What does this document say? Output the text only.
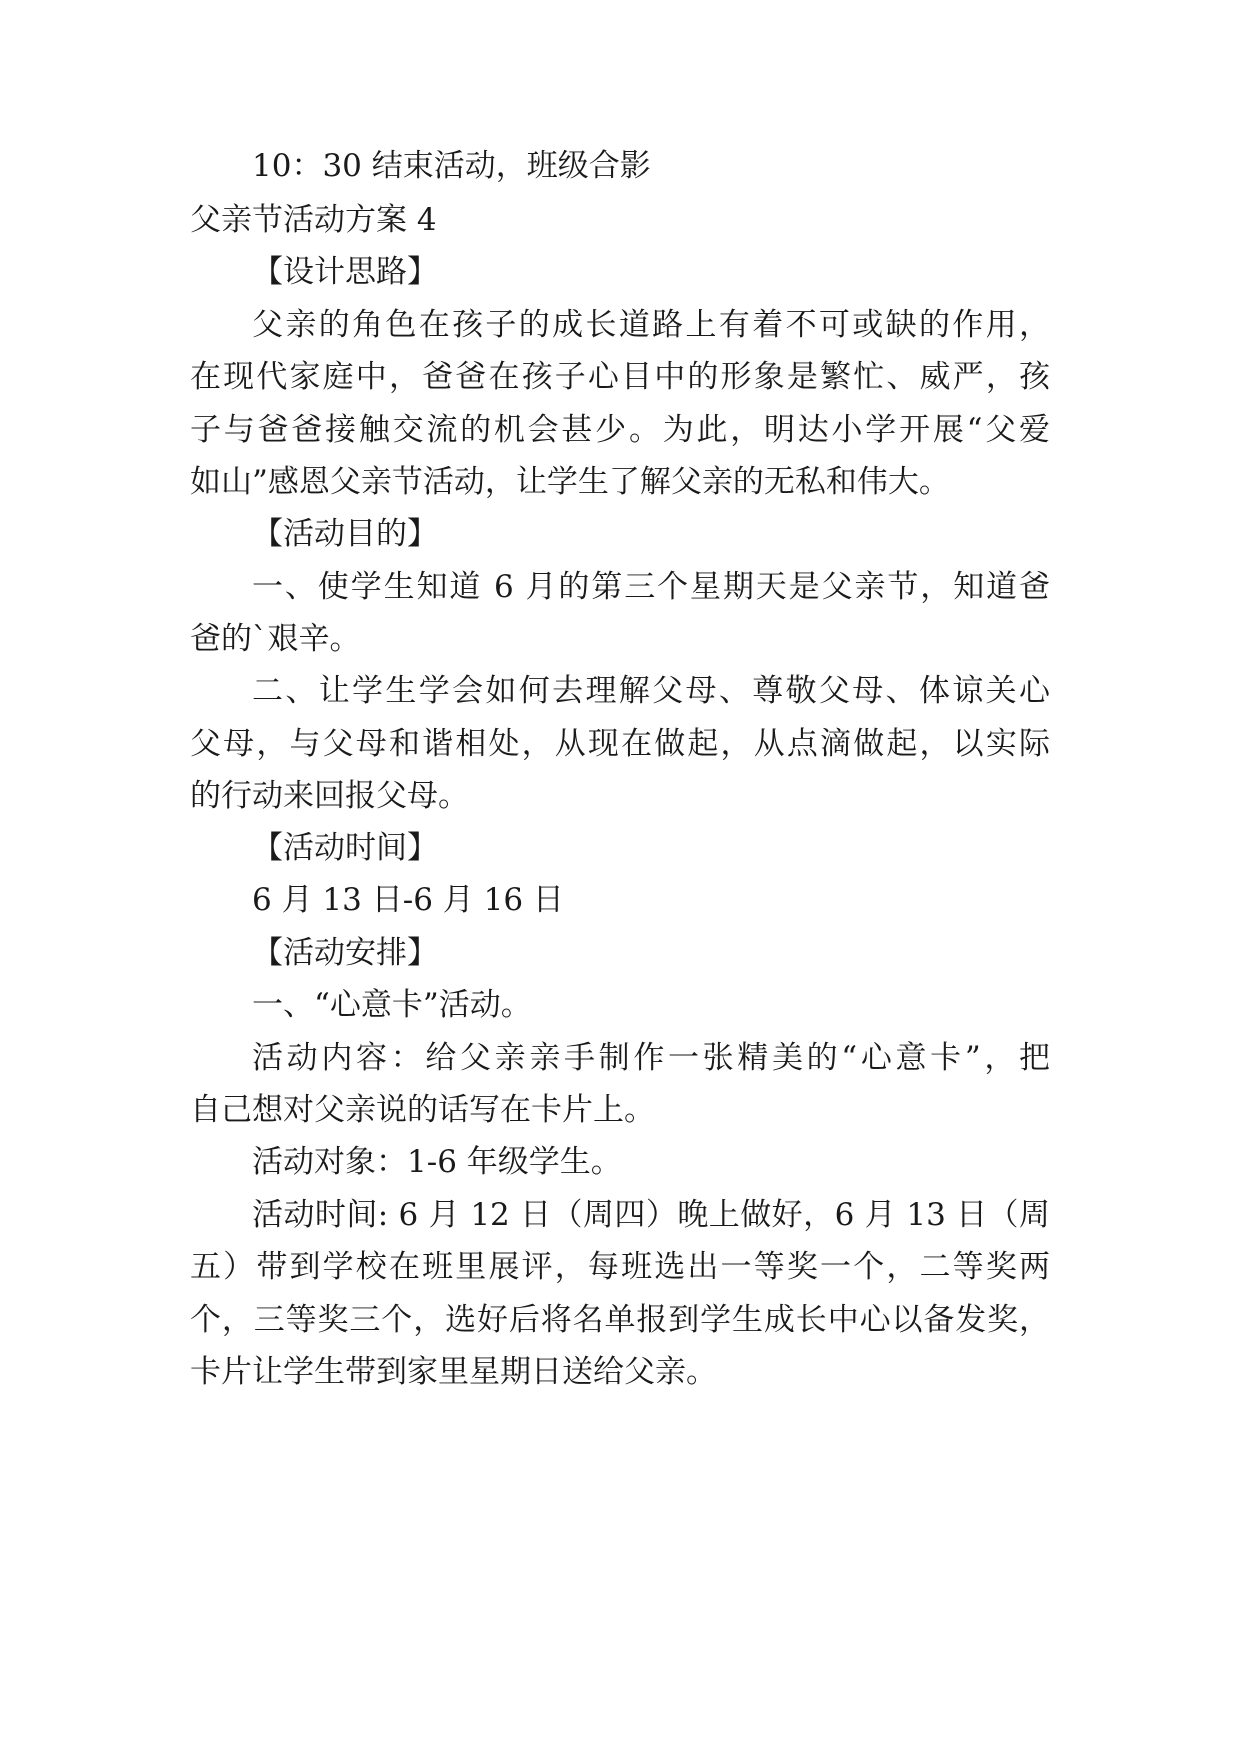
10：30 结束活动，班级合影
父亲节活动方案 4
【设计思路】
父亲的角色在孩子的成长道路上有着不可或缺的作用，
在现代家庭中，爸爸在孩子心目中的形象是繁忙、威严，孩
子与爸爸接触交流的机会甚少。为此，明达小学开展“父爱
如山”感恩父亲节活动，让学生了解父亲的无私和伟大。
【活动目的】
一、使学生知道 6 月的第三个星期天是父亲节，知道爸
爸的`艰辛。
二、让学生学会如何去理解父母、尊敬父母、体谅关心
父母，与父母和谐相处，从现在做起，从点滴做起，以实际
的行动来回报父母。
【活动时间】
6 月 13 日-6 月 16 日
【活动安排】
一、“心意卡”活动。
活动内容：给父亲亲手制作一张精美的“心意卡”，把
自己想对父亲说的话写在卡片上。
活动对象：1-6 年级学生。
活动时间: 6 月 12 日（周四）晚上做好，6 月 13 日（周
五）带到学校在班里展评，每班选出一等奖一个，二等奖两
个，三等奖三个，选好后将名单报到学生成长中心以备发奖，
卡片让学生带到家里星期日送给父亲。
